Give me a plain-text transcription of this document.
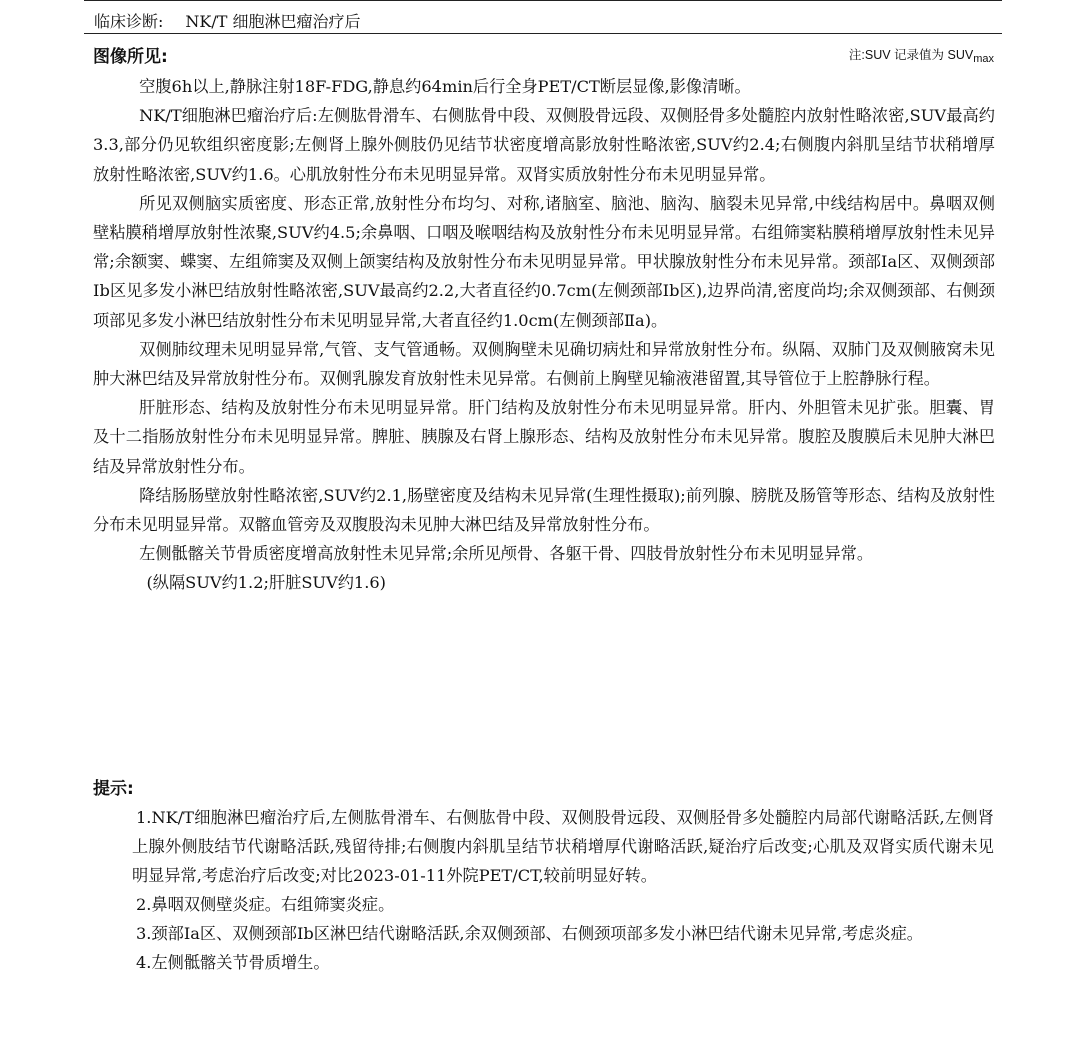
临床诊断: NK/T 细胞淋巴瘤治疗后
图像所见:	注:SUV 记录值为 $SUV_{max}$

空腹6h以上,静脉注射18F-FDG,静息约64min后行全身PET/CT断层显像,影像清晰。

NK/T细胞淋巴瘤治疗后:左侧肱骨滑车、右侧肱骨中段、双侧股骨远段、双侧胫骨多处髓腔内放射性略浓密,SUV最高约3.3,部分仍见软组织密度影;左侧肾上腺外侧肢仍见结节状密度增高影放射性略浓密,SUV约2.4;右侧腹内斜肌呈结节状稍增厚放射性略浓密,SUV约1.6。心肌放射性分布未见明显异常。双肾实质放射性分布未见明显异常。

所见双侧脑实质密度、形态正常,放射性分布均匀、对称,诸脑室、脑池、脑沟、脑裂未见异常,中线结构居中。鼻咽双侧壁粘膜稍增厚放射性浓聚,SUV约4.5;余鼻咽、口咽及喉咽结构及放射性分布未见明显异常。右组筛窦粘膜稍增厚放射性未见异常;余额窦、蝶窦、左组筛窦及双侧上颌窦结构及放射性分布未见明显异常。甲状腺放射性分布未见异常。颈部Ⅰa区、双侧颈部Ⅰb区见多发小淋巴结放射性略浓密,SUV最高约2.2,大者直径约0.7cm(左侧颈部Ⅰb区),边界尚清,密度尚均;余双侧颈部、右侧颈项部见多发小淋巴结放射性分布未见明显异常,大者直径约1.0cm(左侧颈部Ⅱa)。

双侧肺纹理未见明显异常,气管、支气管通畅。双侧胸壁未见确切病灶和异常放射性分布。纵隔、双肺门及双侧腋窝未见肿大淋巴结及异常放射性分布。双侧乳腺发育放射性未见异常。右侧前上胸壁见输液港留置,其导管位于上腔静脉行程。

肝脏形态、结构及放射性分布未见明显异常。肝门结构及放射性分布未见明显异常。肝内、外胆管未见扩张。胆囊、胃及十二指肠放射性分布未见明显异常。脾脏、胰腺及右肾上腺形态、结构及放射性分布未见异常。腹腔及腹膜后未见肿大淋巴结及异常放射性分布。

降结肠肠壁放射性略浓密,SUV约2.1,肠壁密度及结构未见异常(生理性摄取);前列腺、膀胱及肠管等形态、结构及放射性分布未见明显异常。双髂血管旁及双腹股沟未见肿大淋巴结及异常放射性分布。

左侧骶髂关节骨质密度增高放射性未见异常;余所见颅骨、各躯干骨、四肢骨放射性分布未见明显异常。

(纵隔SUV约1.2;肝脏SUV约1.6)

提示:

1.NK/T细胞淋巴瘤治疗后,左侧肱骨滑车、右侧肱骨中段、双侧股骨远段、双侧胫骨多处髓腔内局部代谢略活跃,左侧肾上腺外侧肢结节代谢略活跃,残留待排;右侧腹内斜肌呈结节状稍增厚代谢略活跃,疑治疗后改变;心肌及双肾实质代谢未见明显异常,考虑治疗后改变;对比2023-01-11外院PET/CT,较前明显好转。

2.鼻咽双侧壁炎症。右组筛窦炎症。

3.颈部Ⅰa区、双侧颈部Ⅰb区淋巴结代谢略活跃,余双侧颈部、右侧颈项部多发小淋巴结代谢未见异常,考虑炎症。

4.左侧骶髂关节骨质增生。
